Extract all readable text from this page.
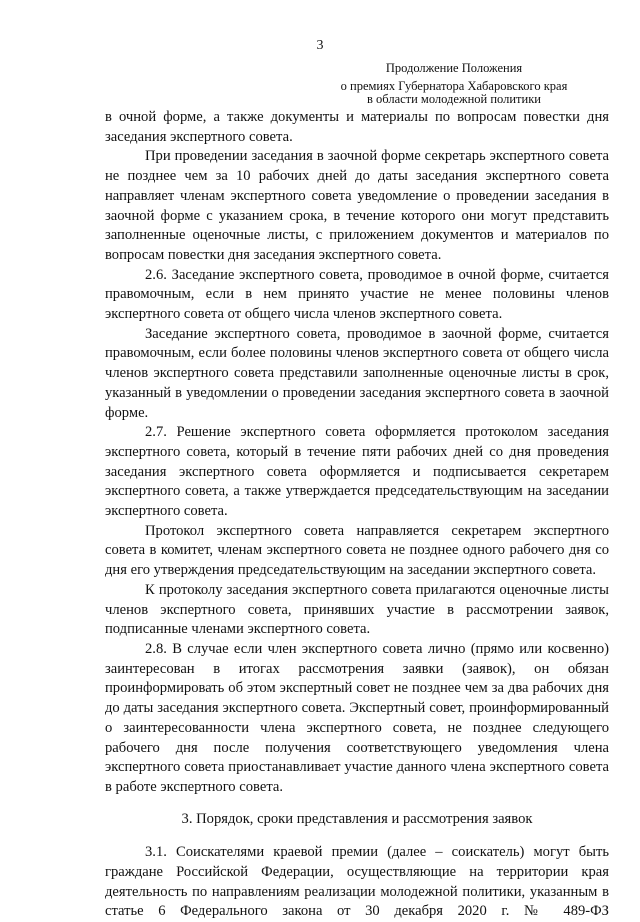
3
Продолжение Положения
о премиях Губернатора Хабаровского края
в области молодежной политики

в очной форме, а также документы и материалы по вопросам повестки дня заседания экспертного совета.

При проведении заседания в заочной форме секретарь экспертного совета не позднее чем за 10 рабочих дней до даты заседания экспертного совета направляет членам экспертного совета уведомление о проведении заседания в заочной форме с указанием срока, в течение которого они могут представить заполненные оценочные листы, с приложением документов и материалов по вопросам повестки дня заседания экспертного совета.

2.6. Заседание экспертного совета, проводимое в очной форме, считается правомочным, если в нем принято участие не менее половины членов экспертного совета от общего числа членов экспертного совета.

Заседание экспертного совета, проводимое в заочной форме, считается правомочным, если более половины членов экспертного совета от общего числа членов экспертного совета представили заполненные оценочные листы в срок, указанный в уведомлении о проведении заседания экспертного совета в заочной форме.

2.7. Решение экспертного совета оформляется протоколом заседания экспертного совета, который в течение пяти рабочих дней со дня проведения заседания экспертного совета оформляется и подписывается секретарем экспертного совета, а также утверждается председательствующим на заседании экспертного совета.

Протокол экспертного совета направляется секретарем экспертного совета в комитет, членам экспертного совета не позднее одного рабочего дня со дня его утверждения председательствующим на заседании экспертного совета.

К протоколу заседания экспертного совета прилагаются оценочные листы членов экспертного совета, принявших участие в рассмотрении заявок, подписанные членами экспертного совета.

2.8. В случае если член экспертного совета лично (прямо или косвенно) заинтересован в итогах рассмотрения заявки (заявок), он обязан проинформировать об этом экспертный совет не позднее чем за два рабочих дня до даты заседания экспертного совета. Экспертный совет, проинформированный о заинтересованности члена экспертного совета, не позднее следующего рабочего дня после получения соответствующего уведомления члена экспертного совета приостанавливает участие данного члена экспертного совета в работе экспертного совета.

3. Порядок, сроки представления и рассмотрения заявок

3.1. Соискателями краевой премии (далее – соискатель) могут быть граждане Российской Федерации, осуществляющие на территории края деятельность по направлениям реализации молодежной политики, указанным в статье 6 Федерального закона от 30 декабря 2020 г. № 489-ФЗ
